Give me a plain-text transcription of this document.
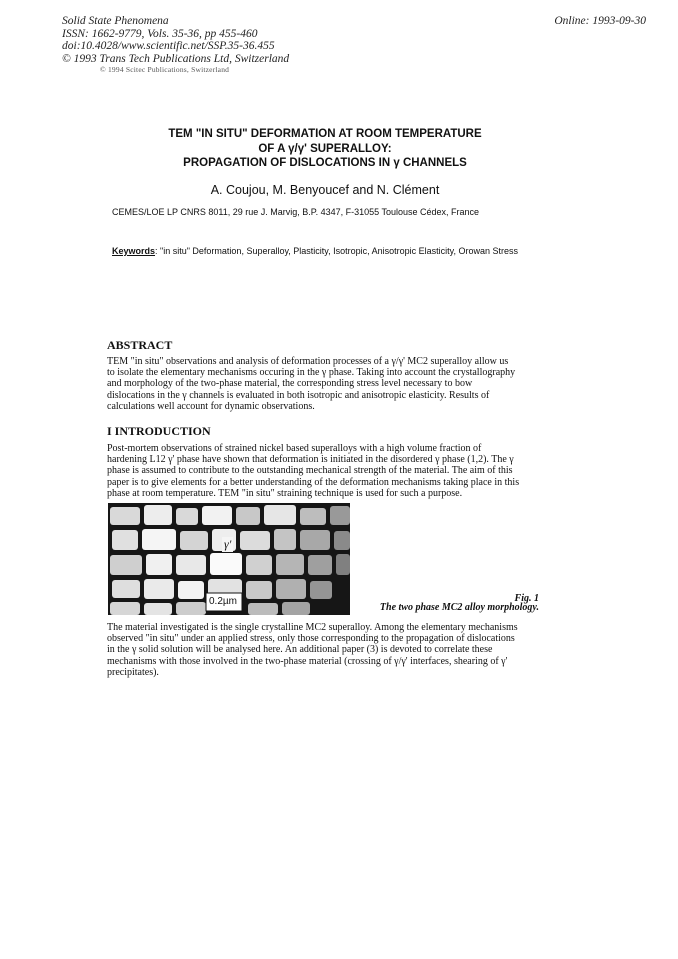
Solid State Phenomena
ISSN: 1662-9779, Vols. 35-36, pp 455-460
doi:10.4028/www.scientific.net/SSP.35-36.455
© 1993 Trans Tech Publications Ltd, Switzerland
Online: 1993-09-30
© 1994 Scitec Publications, Switzerland
TEM "IN SITU" DEFORMATION AT ROOM TEMPERATURE
OF A γ/γ' SUPERALLOY:
PROPAGATION OF DISLOCATIONS IN γ CHANNELS
A. Coujou, M. Benyoucef and N. Clément
CEMES/LOE LP CNRS 8011, 29 rue J. Marvig, B.P. 4347, F-31055 Toulouse Cédex, France
Keywords: "in situ" Deformation, Superalloy, Plasticity, Isotropic, Anisotropic Elasticity, Orowan Stress
ABSTRACT
TEM "in situ" observations and analysis of deformation processes of a γ/γ' MC2 superalloy allow us
to isolate the elementary mechanisms occuring in the γ phase. Taking into account the crystallography
and morphology of the two-phase material, the corresponding stress level necessary to bow
dislocations in the γ channels is evaluated in both isotropic and anisotropic elasticity. Results of
calculations well account for dynamic observations.
I INTRODUCTION
Post-mortem observations of strained nickel based superalloys with a high volume fraction of
hardening L12 γ' phase have shown that deformation is initiated in the disordered γ phase (1,2). The γ
phase is assumed to contribute to the outstanding mechanical strength of the material. The aim of this
paper is to give elements for a better understanding of the deformation mechanisms taking place in this
phase at room temperature. TEM "in situ" straining technique is used for such a purpose.
γ'
0.2µm	Fig. 1
The two phase MC2 alloy morphology.
The material investigated is the single crystalline MC2 superalloy. Among the elementary mechanisms
observed "in situ" under an applied stress, only those corresponding to the propagation of dislocations
in the γ solid solution will be analysed here. An additional paper (3) is devoted to correlate these
mechanisms with those involved in the two-phase material (crossing of γ/γ' interfaces, shearing of γ'
precipitates).
